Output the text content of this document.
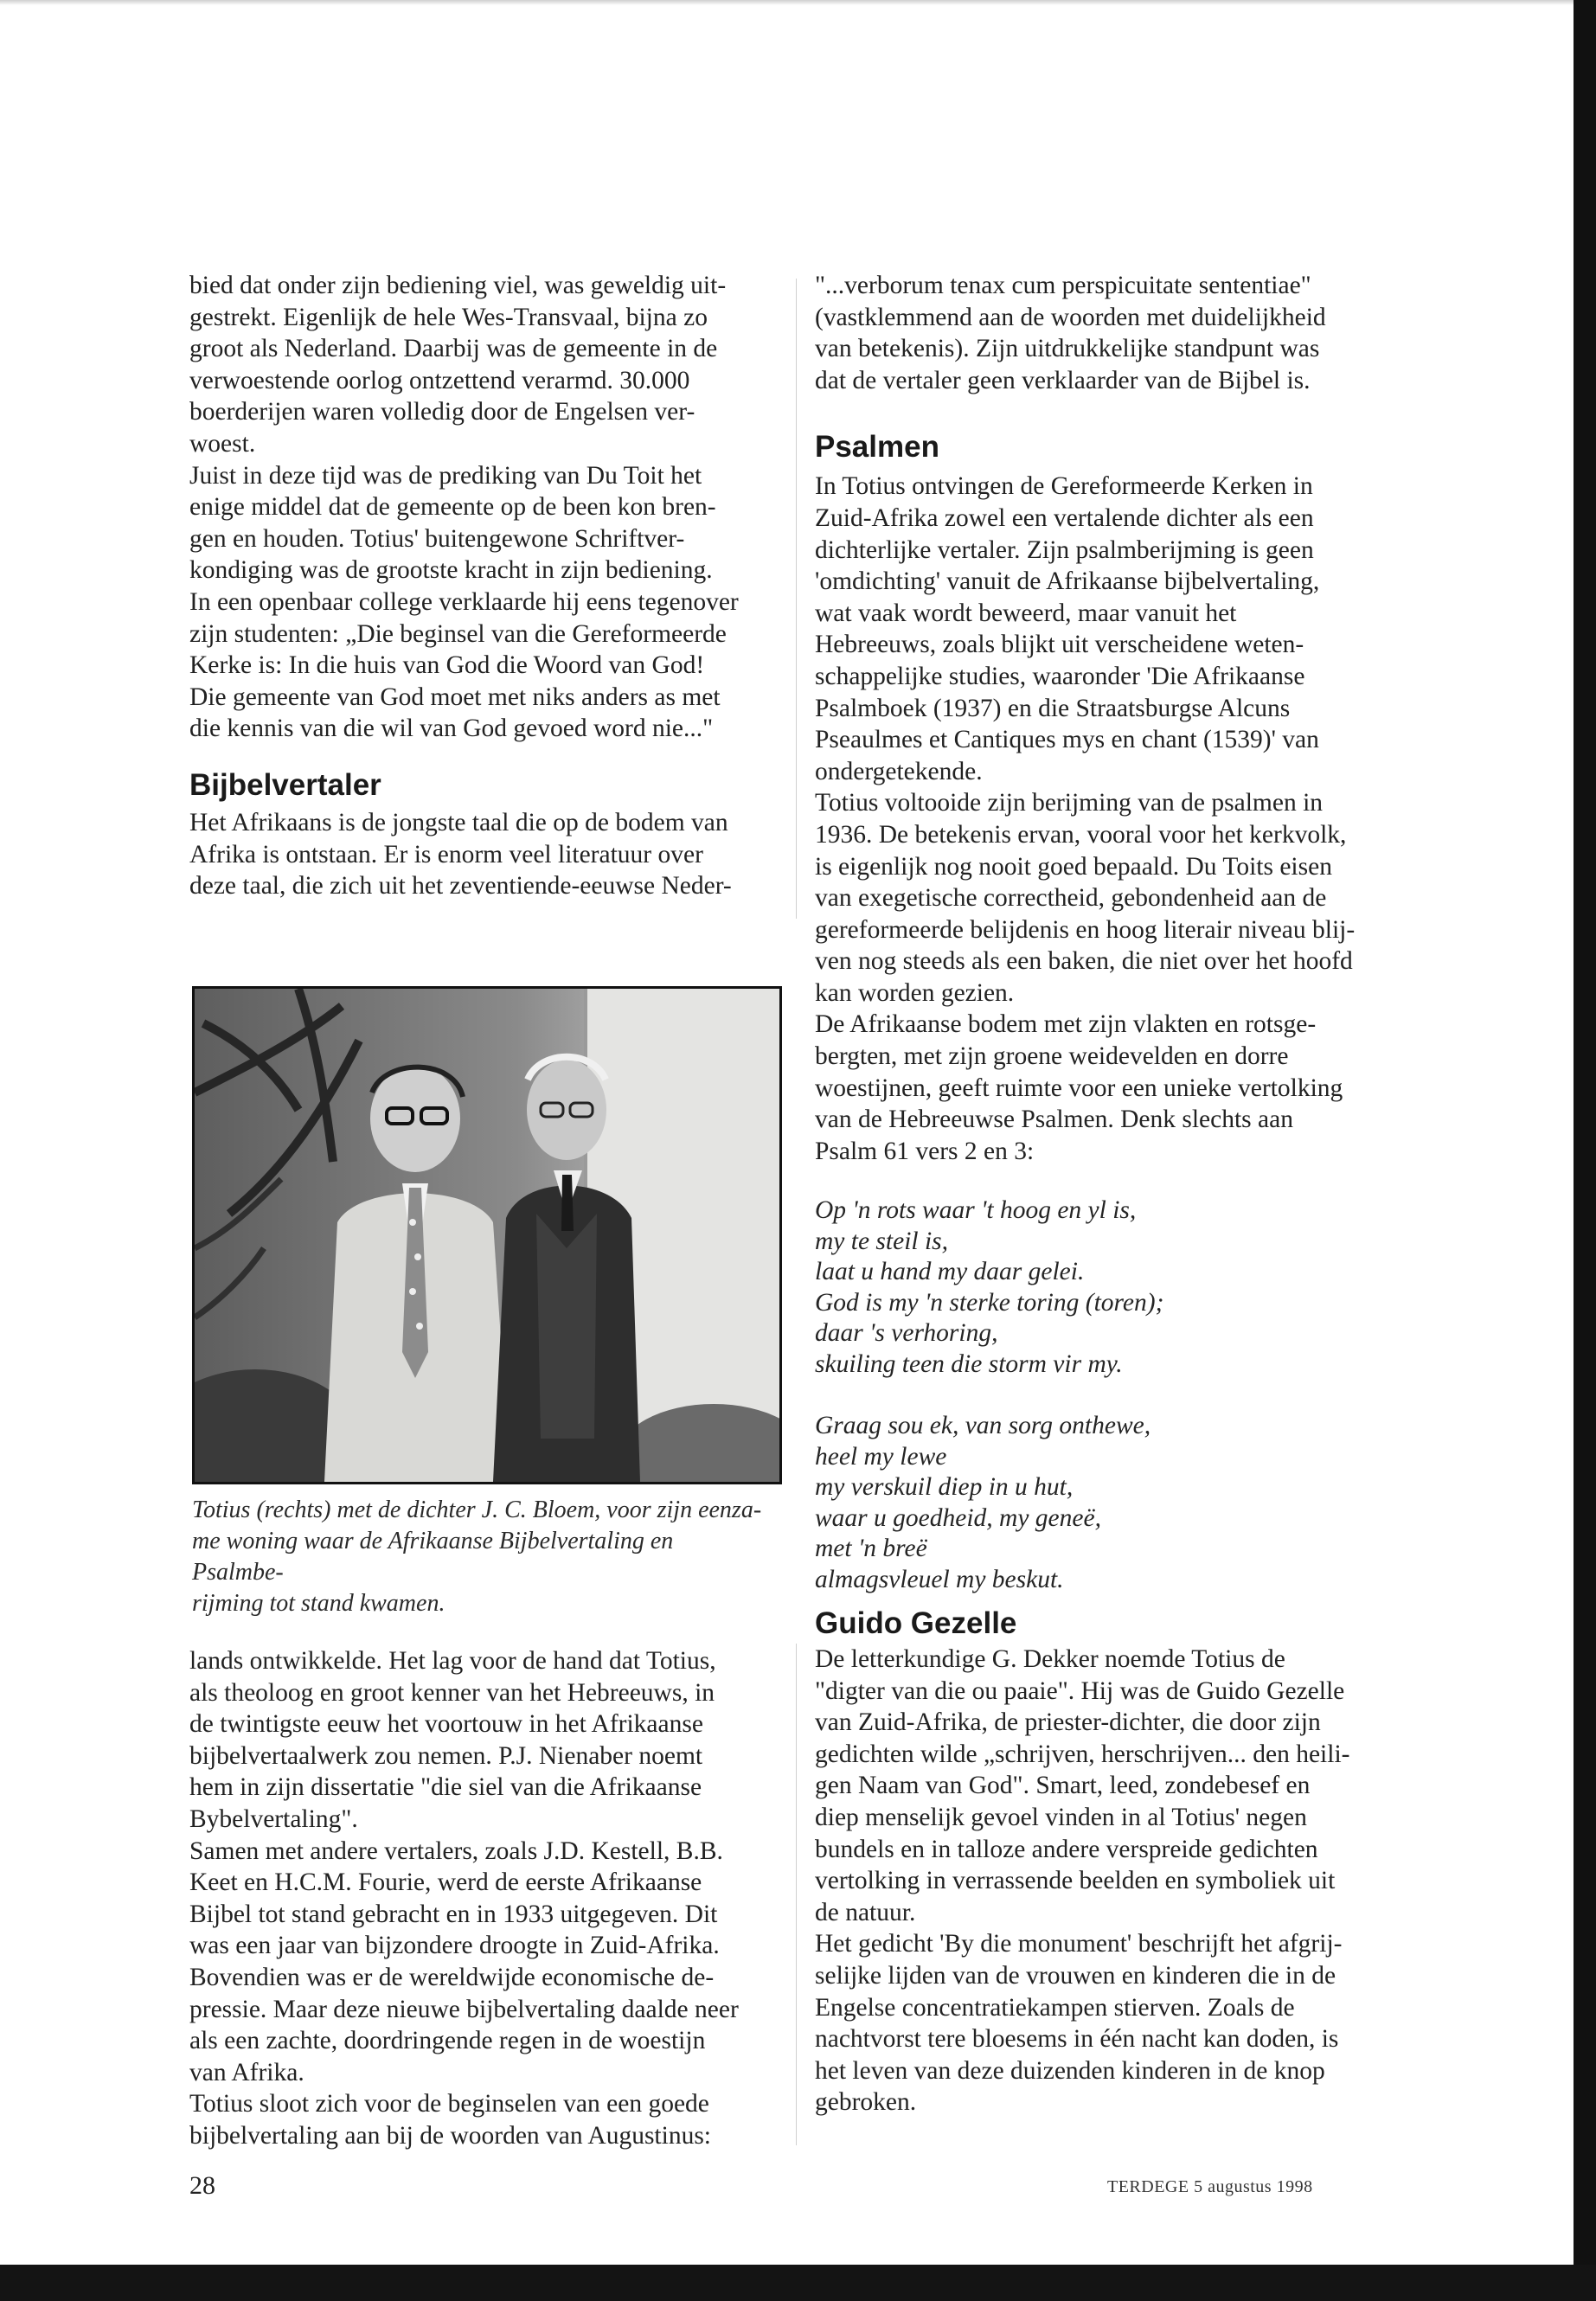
bied dat onder zijn bediening viel, was geweldig uit-
gestrekt. Eigenlijk de hele Wes-Transvaal, bijna zo
groot als Nederland. Daarbij was de gemeente in de
verwoestende oorlog ontzettend verarmd. 30.000
boerderijen waren volledig door de Engelsen ver-
woest.

Juist in deze tijd was de prediking van Du Toit het
enige middel dat de gemeente op de been kon bren-
gen en houden. Totius' buitengewone Schriftver-
kondiging was de grootste kracht in zijn bediening.
In een openbaar college verklaarde hij eens tegenover
zijn studenten: „Die beginsel van die Gereformeerde
Kerke is: In die huis van God die Woord van God!
Die gemeente van God moet met niks anders as met
die kennis van die wil van God gevoed word nie..."

Bijbelvertaler

Het Afrikaans is de jongste taal die op de bodem van
Afrika is ontstaan. Er is enorm veel literatuur over
deze taal, die zich uit het zeventiende-eeuwse Neder-

Totius (rechts) met de dichter J. C. Bloem, voor zijn eenza-
me woning waar de Afrikaanse Bijbelvertaling en Psalmbe-
rijming tot stand kwamen.

lands ontwikkelde. Het lag voor de hand dat Totius,
als theoloog en groot kenner van het Hebreeuws, in
de twintigste eeuw het voortouw in het Afrikaanse
bijbelvertaalwerk zou nemen. P.J. Nienaber noemt
hem in zijn dissertatie "die siel van die Afrikaanse
Bybelvertaling".

Samen met andere vertalers, zoals J.D. Kestell, B.B.
Keet en H.C.M. Fourie, werd de eerste Afrikaanse
Bijbel tot stand gebracht en in 1933 uitgegeven. Dit
was een jaar van bijzondere droogte in Zuid-Afrika.
Bovendien was er de wereldwijde economische de-
pressie. Maar deze nieuwe bijbelvertaling daalde neer
als een zachte, doordringende regen in de woestijn
van Afrika.

Totius sloot zich voor de beginselen van een goede
bijbelvertaling aan bij de woorden van Augustinus:

"...verborum tenax cum perspicuitate sententiae"
(vastklemmend aan de woorden met duidelijkheid
van betekenis). Zijn uitdrukkelijke standpunt was
dat de vertaler geen verklaarder van de Bijbel is.

Psalmen

In Totius ontvingen de Gereformeerde Kerken in
Zuid-Afrika zowel een vertalende dichter als een
dichterlijke vertaler. Zijn psalmberijming is geen
'omdichting' vanuit de Afrikaanse bijbelvertaling,
wat vaak wordt beweerd, maar vanuit het
Hebreeuws, zoals blijkt uit verscheidene weten-
schappelijke studies, waaronder 'Die Afrikaanse
Psalmboek (1937) en die Straatsburgse Alcuns
Pseaulmes et Cantiques mys en chant (1539)' van
ondergetekende.

Totius voltooide zijn berijming van de psalmen in
1936. De betekenis ervan, vooral voor het kerkvolk,
is eigenlijk nog nooit goed bepaald. Du Toits eisen
van exegetische correctheid, gebondenheid aan de
gereformeerde belijdenis en hoog literair niveau blij-
ven nog steeds als een baken, die niet over het hoofd
kan worden gezien.

De Afrikaanse bodem met zijn vlakten en rotsge-
bergten, met zijn groene weidevelden en dorre
woestijnen, geeft ruimte voor een unieke vertolking
van de Hebreeuwse Psalmen. Denk slechts aan
Psalm 61 vers 2 en 3:

Op 'n rots waar 't hoog en yl is,
my te steil is,
laat u hand my daar gelei.
God is my 'n sterke toring (toren);
daar 's verhoring,
skuiling teen die storm vir my.

Graag sou ek, van sorg onthewe,
heel my lewe
my verskuil diep in u hut,
waar u goedheid, my geneë,
met 'n breë
almagsvleuel my beskut.

Guido Gezelle

De letterkundige G. Dekker noemde Totius de
"digter van die ou paaie". Hij was de Guido Gezelle
van Zuid-Afrika, de priester-dichter, die door zijn
gedichten wilde „schrijven, herschrijven... den heili-
gen Naam van God". Smart, leed, zondebesef en
diep menselijk gevoel vinden in al Totius' negen
bundels en in talloze andere verspreide gedichten
vertolking in verrassende beelden en symboliek uit
de natuur.

Het gedicht 'By die monument' beschrijft het afgrij-
selijke lijden van de vrouwen en kinderen die in de
Engelse concentratiekampen stierven. Zoals de
nachtvorst tere bloesems in één nacht kan doden, is
het leven van deze duizenden kinderen in de knop
gebroken.

28	TERDEGE 5 augustus 1998
